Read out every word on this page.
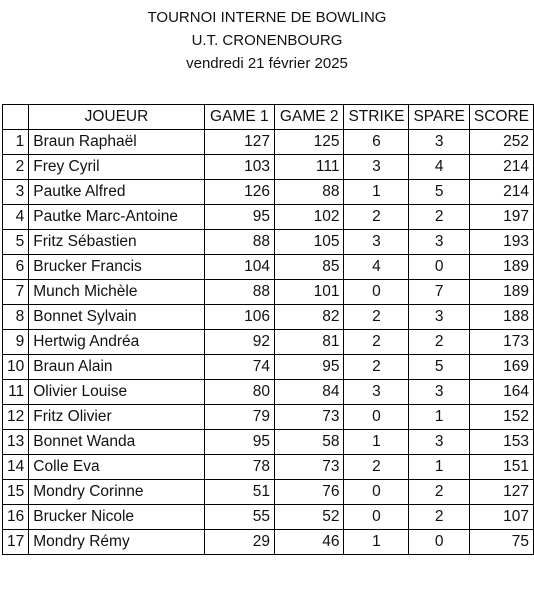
TOURNOI INTERNE DE BOWLING
U.T. CRONENBOURG
vendredi 21 février 2025
	JOUEUR	GAME 1	GAME 2	STRIKE	SPARE	SCORE
1	Braun Raphaël	127	125	6	3	252
2	Frey Cyril	103	111	3	4	214
3	Pautke Alfred	126	88	1	5	214
4	Pautke Marc-Antoine	95	102	2	2	197
5	Fritz Sébastien	88	105	3	3	193
6	Brucker Francis	104	85	4	0	189
7	Munch Michèle	88	101	0	7	189
8	Bonnet Sylvain	106	82	2	3	188
9	Hertwig Andréa	92	81	2	2	173
10	Braun Alain	74	95	2	5	169
11	Olivier Louise	80	84	3	3	164
12	Fritz Olivier	79	73	0	1	152
13	Bonnet Wanda	95	58	1	3	153
14	Colle Eva	78	73	2	1	151
15	Mondry Corinne	51	76	0	2	127
16	Brucker Nicole	55	52	0	2	107
17	Mondry Rémy	29	46	1	0	75
